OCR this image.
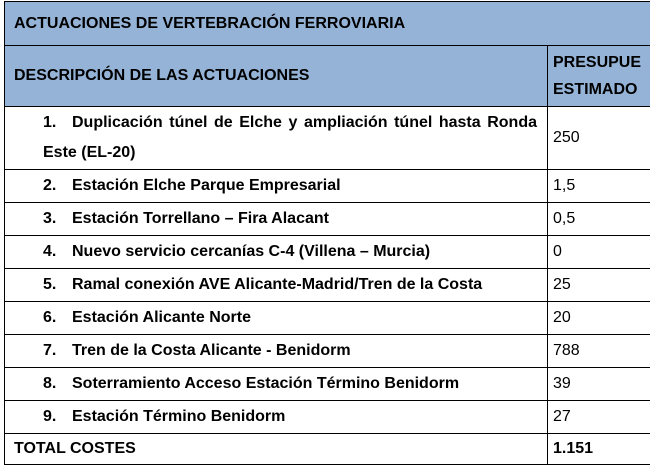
ACTUACIONES DE VERTEBRACIÓN FERROVIARIA	
DESCRIPCIÓN DE LAS ACTUACIONES	PRESUPUE
ESTIMADO
1. Duplicación túnel de Elche y ampliación túnel hasta Ronda Este (EL-20)	250
2. Estación Elche Parque Empresarial	1,5
3. Estación Torrellano – Fira Alacant	0,5
4. Nuevo servicio cercanías C-4 (Villena – Murcia)	0
5. Ramal conexión AVE Alicante-Madrid/Tren de la Costa	25
6. Estación Alicante Norte	20
7. Tren de la Costa Alicante - Benidorm	788
8. Soterramiento Acceso Estación Término Benidorm	39
9. Estación Término Benidorm	27
TOTAL COSTES	1.151
